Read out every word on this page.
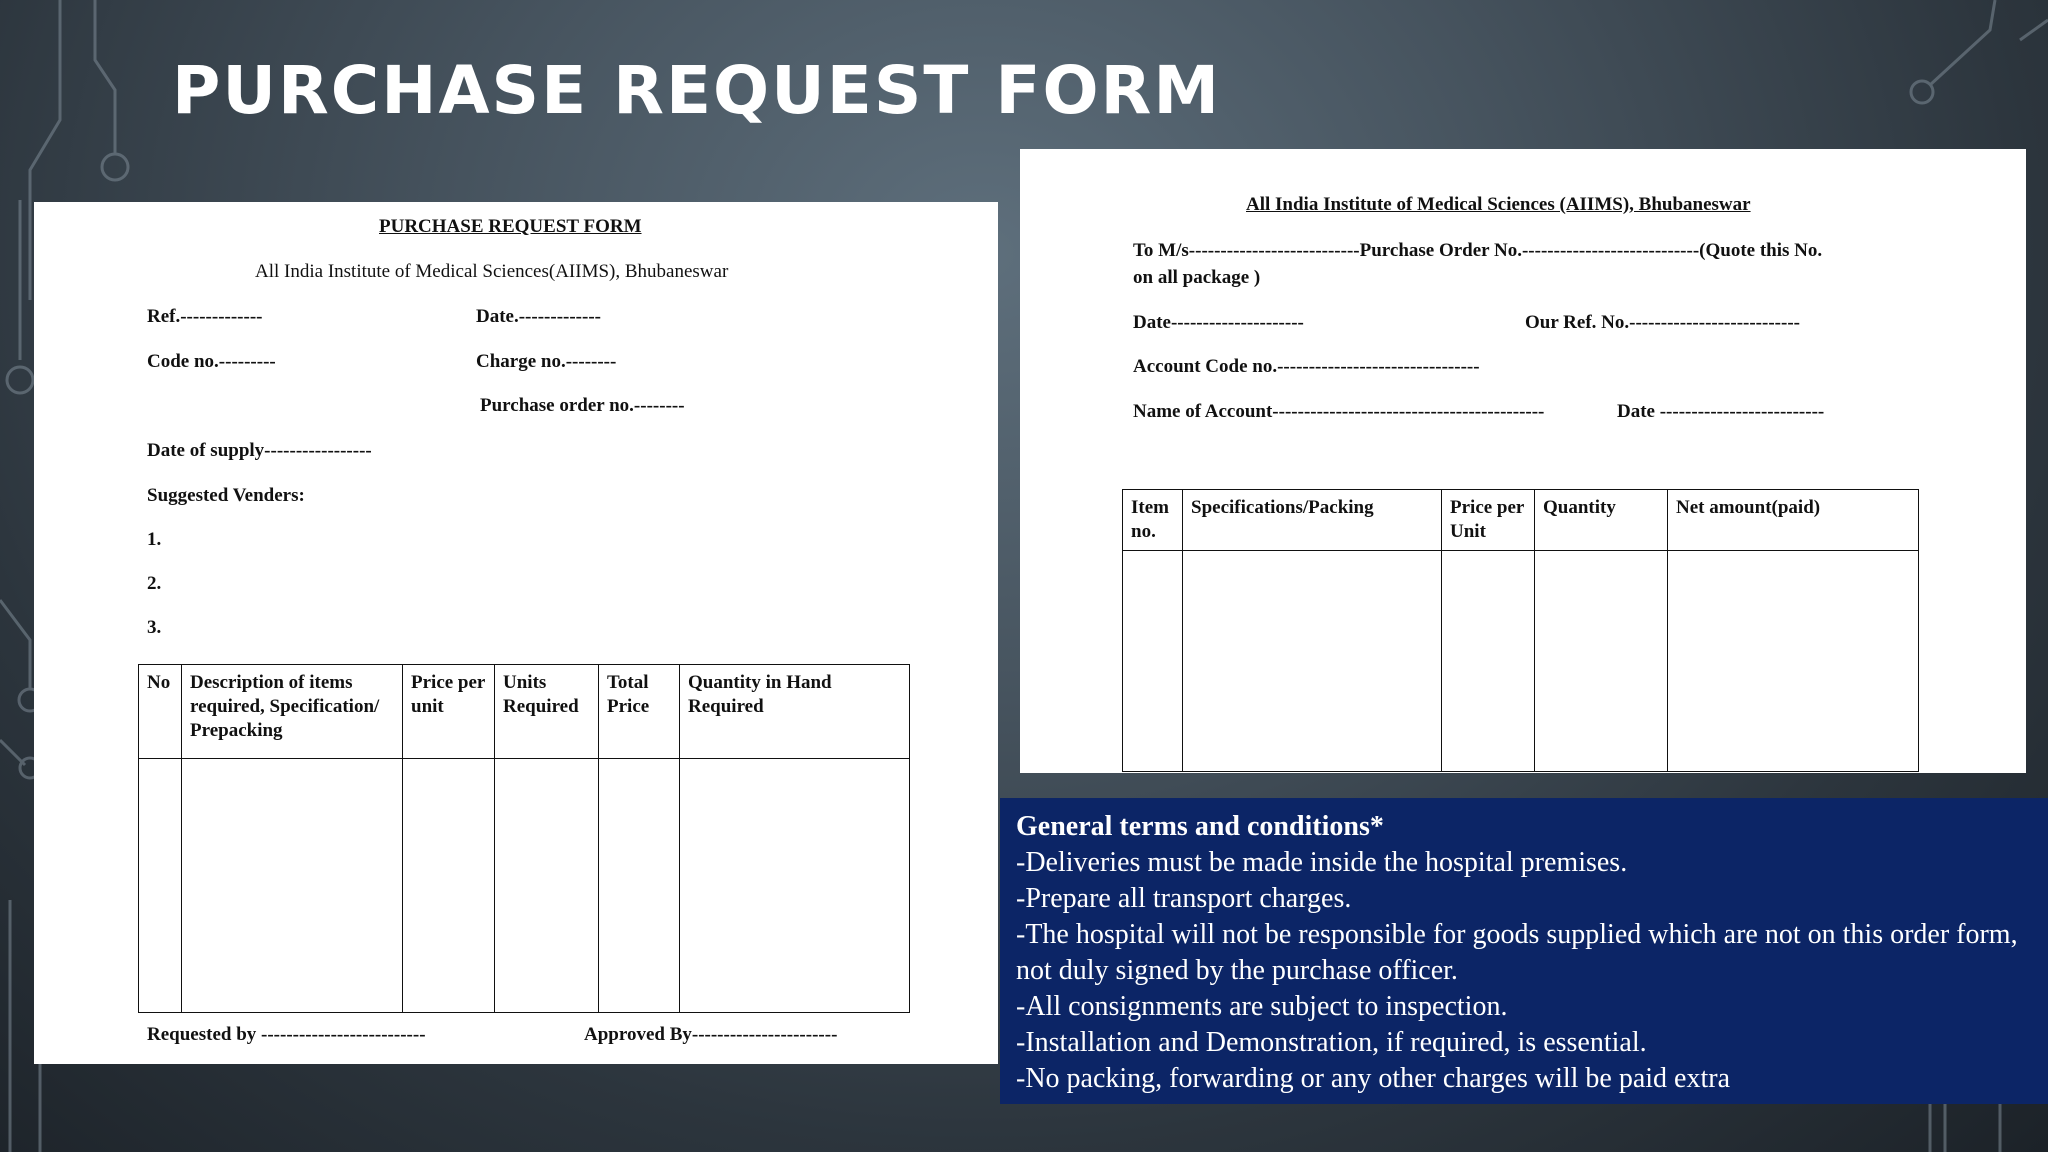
PURCHASE REQUEST FORM
PURCHASE REQUEST FORM
All India Institute of Medical Sciences(AIIMS), Bhubaneswar
Ref.-------------	Date.-------------
Code no.---------	Charge no.--------
Purchase order no.--------
Date of supply-----------------
Suggested Venders:
1.
2.
3.
No	Description of items required, Specification/ Prepacking	Price per unit	Units Required	Total Price	Quantity in Hand Required

Requested by --------------------------	Approved By-----------------------
All India Institute of Medical Sciences (AIIMS), Bhubaneswar
To M/s---------------------------Purchase Order No.----------------------------(Quote this No.
on all package )
Date---------------------	Our Ref. No.---------------------------
Account Code no.--------------------------------
Name of Account-------------------------------------------	Date --------------------------
Item no.	Specifications/Packing	Price per Unit	Quantity	Net amount(paid)

General terms and conditions*
-Deliveries must be made inside the hospital premises.
-Prepare all transport charges.
-The hospital will not be responsible for goods supplied which are not on this order form, not duly signed by the purchase officer.
-All consignments are subject to inspection.
-Installation and Demonstration, if required, is essential.
-No packing, forwarding or any other charges will be paid extra
